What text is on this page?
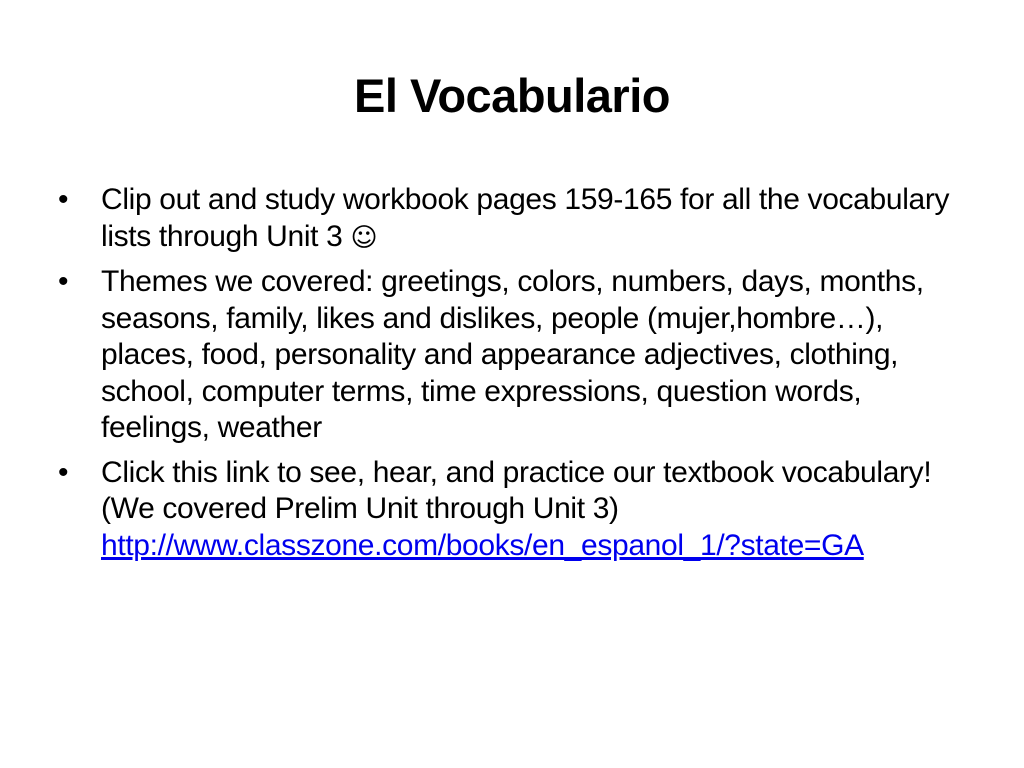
El Vocabulario
•	Clip out and study workbook pages 159-165 for all the vocabulary lists through Unit 3 ☺
•	Themes we covered: greetings, colors, numbers, days, months, seasons, family, likes and dislikes, people (mujer,hombre…), places, food, personality and appearance adjectives, clothing, school, computer terms, time expressions, question words, feelings, weather
•	Click this link to see, hear, and practice our textbook vocabulary! (We covered Prelim Unit through Unit 3)
http://www.classzone.com/books/en_espanol_1/?state=GA
